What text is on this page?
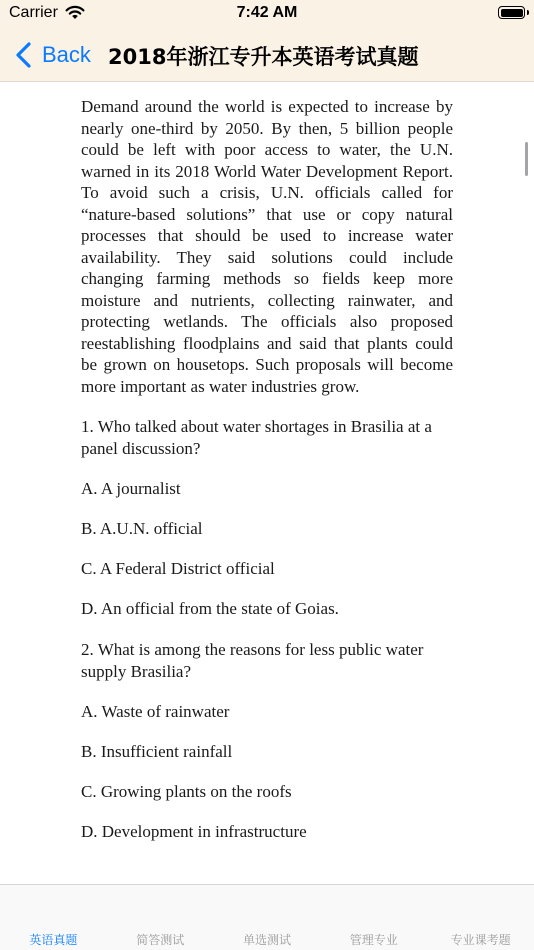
Carrier	7:42 AM
Back 2018年浙江专升本英语考试真题

Demand around the world is expected to increase by nearly one-third by 2050. By then, 5 billion people could be left with poor access to water, the U.N. warned in its 2018 World Water Development Report. To avoid such a crisis, U.N. officials called for “nature-based solutions” that use or copy natural processes that should be used to increase water availability. They said solutions could include changing farming methods so fields keep more moisture and nutrients, collecting rainwater, and protecting wetlands. The officials also proposed reestablishing floodplains and said that plants could be grown on housetops. Such proposals will become more important as water industries grow.

1. Who talked about water shortages in Brasilia at a panel discussion?
A. A journalist
B. A.U.N. official
C. A Federal District official
D. An official from the state of Goias.
2. What is among the reasons for less public water supply Brasilia?
A. Waste of rainwater
B. Insufficient rainfall
C. Growing plants on the roofs
D. Development in infrastructure
英语真题	简答测试	单选测试	管理专业	专业课考题
